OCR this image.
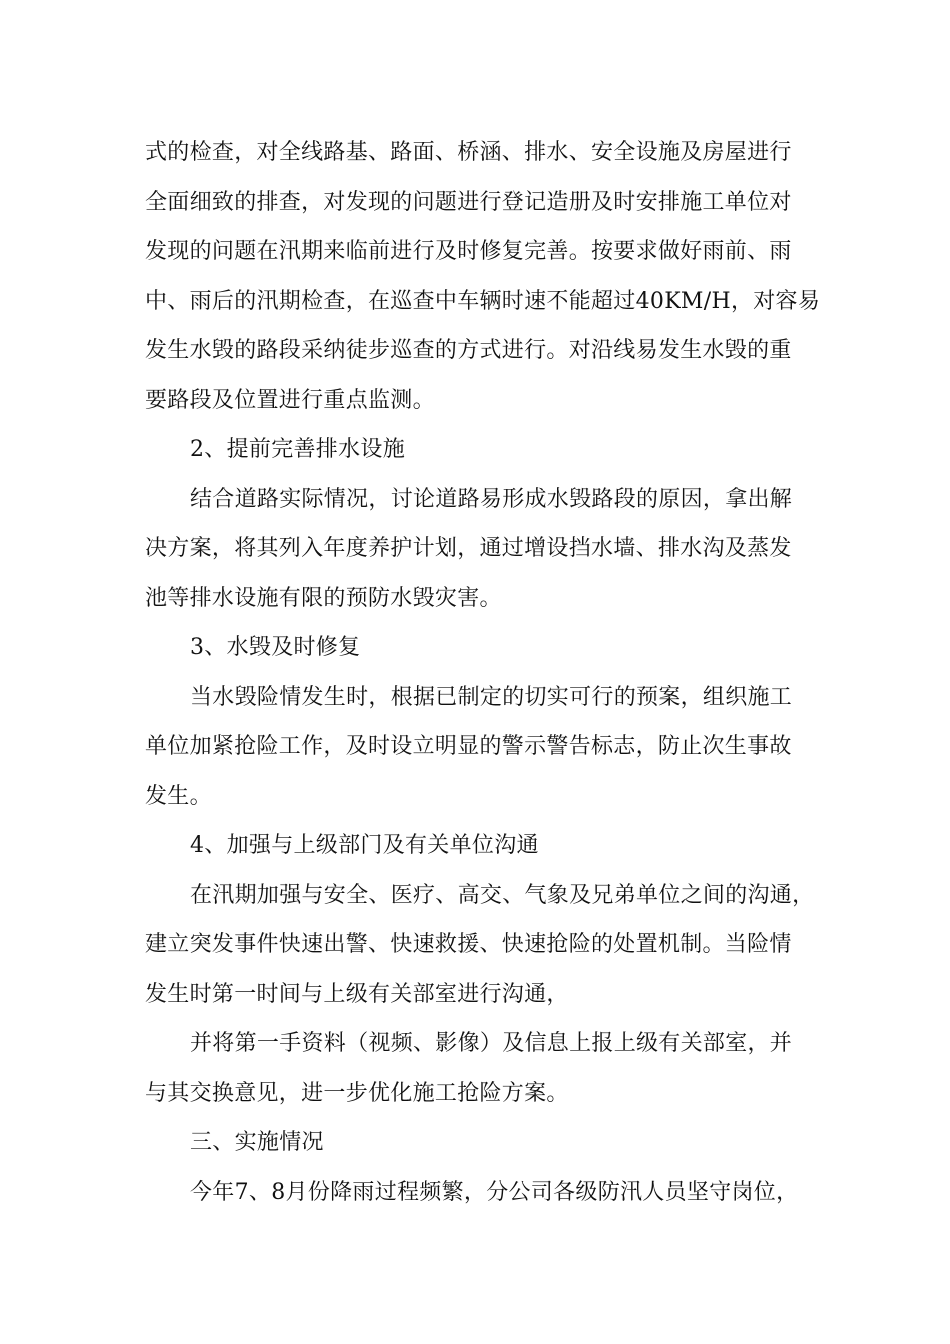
式的检查，对全线路基、路面、桥涵、排水、安全设施及房屋进行
全面细致的排查，对发现的问题进行登记造册及时安排施工单位对
发现的问题在汛期来临前进行及时修复完善。按要求做好雨前、雨
中、雨后的汛期检查，在巡查中车辆时速不能超过40KM/H，对容易
发生水毁的路段采纳徒步巡查的方式进行。对沿线易发生水毁的重
要路段及位置进行重点监测。
2、提前完善排水设施
结合道路实际情况，讨论道路易形成水毁路段的原因，拿出解
决方案，将其列入年度养护计划，通过增设挡水墙、排水沟及蒸发
池等排水设施有限的预防水毁灾害。
3、水毁及时修复
当水毁险情发生时，根据已制定的切实可行的预案，组织施工
单位加紧抢险工作，及时设立明显的警示警告标志，防止次生事故
发生。
4、加强与上级部门及有关单位沟通
在汛期加强与安全、医疗、高交、气象及兄弟单位之间的沟通，
建立突发事件快速出警、快速救援、快速抢险的处置机制。当险情
发生时第一时间与上级有关部室进行沟通，
并将第一手资料（视频、影像）及信息上报上级有关部室，并
与其交换意见，进一步优化施工抢险方案。
三、实施情况
今年7、8月份降雨过程频繁，分公司各级防汛人员坚守岗位，
